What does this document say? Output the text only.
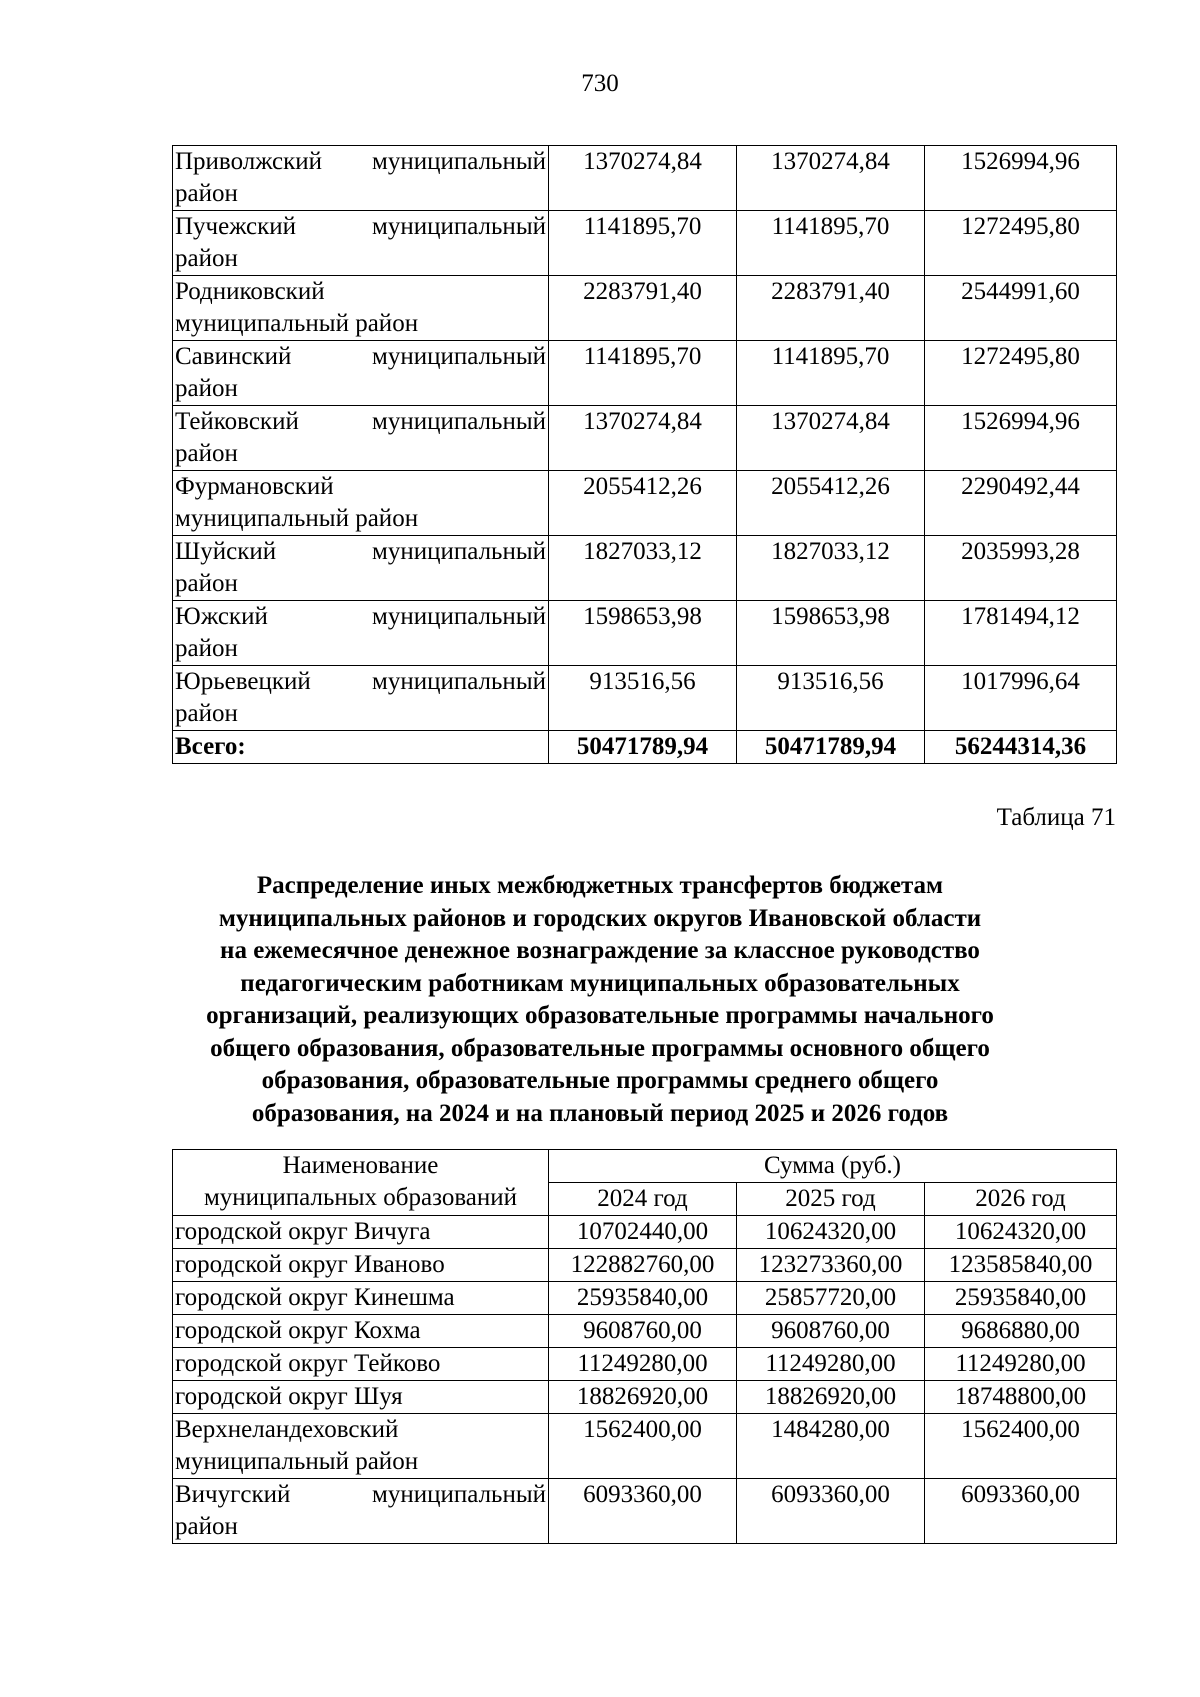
730
Приволжский муниципальный
район	1370274,84	1370274,84	1526994,96

Пучежский муниципальный
район	1141895,70	1141895,70	1272495,80

Родниковский
муниципальный район	2283791,40	2283791,40	2544991,60

Савинский муниципальный
район	1141895,70	1141895,70	1272495,80

Тейковский муниципальный
район	1370274,84	1370274,84	1526994,96

Фурмановский
муниципальный район	2055412,26	2055412,26	2290492,44

Шуйский муниципальный
район	1827033,12	1827033,12	2035993,28

Южский муниципальный
район	1598653,98	1598653,98	1781494,12

Юрьевецкий муниципальный
район	913516,56	913516,56	1017996,64
Всего:	50471789,94	50471789,94	56244314,36
Таблица 71
Распределение иных межбюджетных трансфертов бюджетам
муниципальных районов и городских округов Ивановской области
на ежемесячное денежное вознаграждение за классное руководство
педагогическим работникам муниципальных образовательных
организаций, реализующих образовательные программы начального
общего образования, образовательные программы основного общего
образования, образовательные программы среднего общего
образования, на 2024 и на плановый период 2025 и 2026 годов
Наименование
муниципальных образований	Сумма (руб.)		
	2024 год	2025 год	2026 год

городской округ Вичуга	10702440,00	10624320,00	10624320,00

городской округ Иваново	122882760,00	123273360,00	123585840,00

городской округ Кинешма	25935840,00	25857720,00	25935840,00

городской округ Кохма	9608760,00	9608760,00	9686880,00

городской округ Тейково	11249280,00	11249280,00	11249280,00

городской округ Шуя	18826920,00	18826920,00	18748800,00

Верхнеландеховский
муниципальный район	1562400,00	1484280,00	1562400,00

Вичугский муниципальный
район	6093360,00	6093360,00	6093360,00
